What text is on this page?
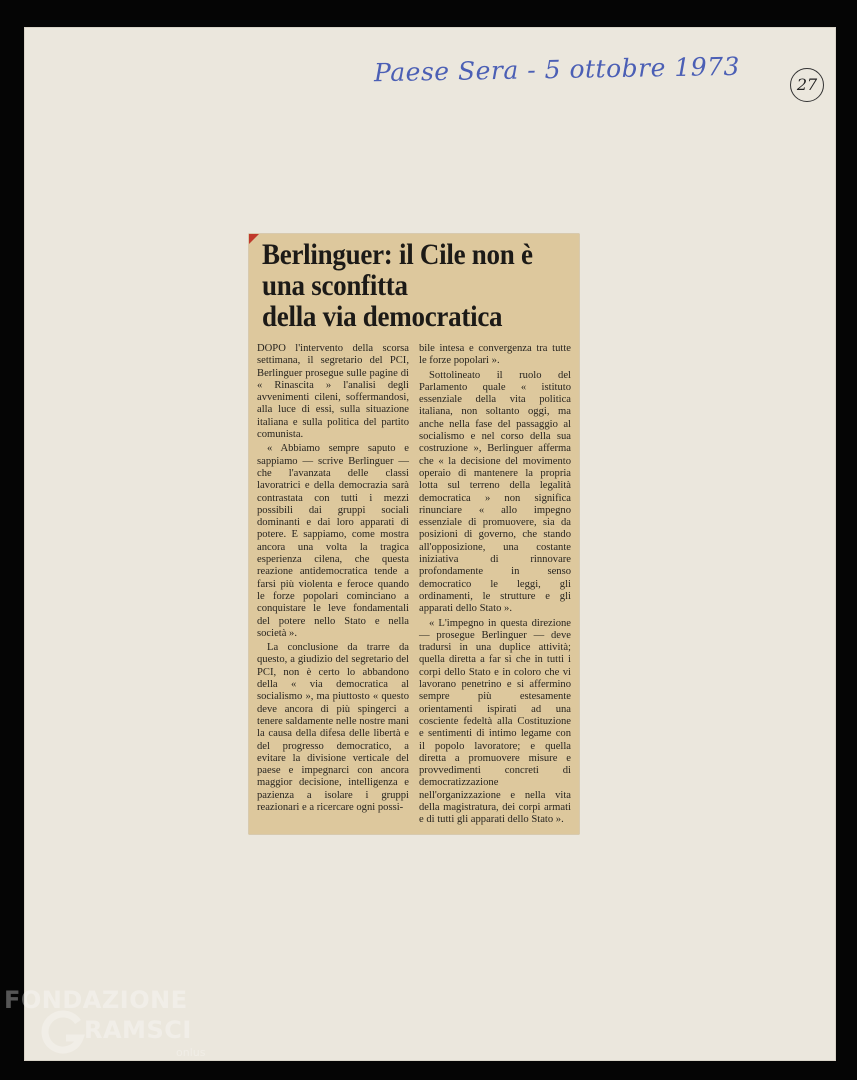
Paese Sera - 5 ottobre 1973	27
Berlinguer: il Cile non è
una sconfitta
della via democratica

DOPO l'intervento della scorsa settimana, il segretario del PCI, Berlinguer prosegue sulle pagine di « Rinascita » l'analisi degli avvenimenti cileni, soffermandosi, alla luce di essi, sulla situazione italiana e sulla politica del partito comunista.

« Abbiamo sempre saputo e sappiamo — scrive Berlinguer — che l'avanzata delle classi lavoratrici e della democrazia sarà contrastata con tutti i mezzi possibili dai gruppi sociali dominanti e dai loro apparati di potere. E sappiamo, come mostra ancora una volta la tragica esperienza cilena, che questa reazione antidemocratica tende a farsi più violenta e feroce quando le forze popolari cominciano a conquistare le leve fondamentali del potere nello Stato e nella società ».

La conclusione da trarre da questo, a giudizio del segretario del PCI, non è certo lo abbandono della « via democratica al socialismo », ma piuttosto « questo deve ancora di più spingerci a tenere saldamente nelle nostre mani la causa della difesa delle libertà e del progresso democratico, a evitare la divisione verticale del paese e impegnarci con ancora maggior decisione, intelligenza e pazienza a isolare i gruppi reazionari e a ricercare ogni possi-

bile intesa e convergenza tra tutte le forze popolari ».

Sottolineato il ruolo del Parlamento quale « istituto essenziale della vita politica italiana, non soltanto oggi, ma anche nella fase del passaggio al socialismo e nel corso della sua costruzione », Berlinguer afferma che « la decisione del movimento operaio di mantenere la propria lotta sul terreno della legalità democratica » non significa rinunciare « allo impegno essenziale di promuovere, sia da posizioni di governo, che stando all'opposizione, una costante iniziativa di rinnovare profondamente in senso democratico le leggi, gli ordinamenti, le strutture e gli apparati dello Stato ».

« L'impegno in questa direzione — prosegue Berlinguer — deve tradursi in una duplice attività; quella diretta a far sì che in tutti i corpi dello Stato e in coloro che vi lavorano penetrino e si affermino sempre più estesamente orientamenti ispirati ad una cosciente fedeltà alla Costituzione e sentimenti di intimo legame con il popolo lavoratore; e quella diretta a promuovere misure e provvedimenti concreti di democratizzazione nell'organizzazione e nella vita della magistratura, dei corpi armati e di tutti gli apparati dello Stato ».

FONDAZIONE
RAMSCI
onlus
